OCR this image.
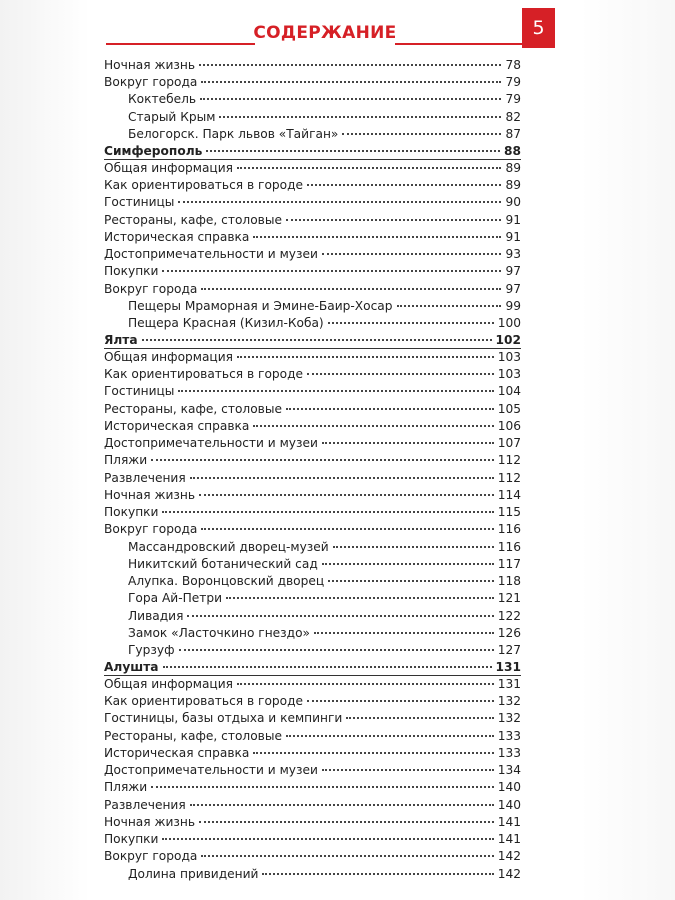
СОДЕРЖАНИЕ	5
Ночная жизнь	78
Вокруг города	79
Коктебель	79
Старый Крым	82
Белогорск. Парк львов «Тайган»	87
Симферополь	88
Общая информация	89
Как ориентироваться в городе	89
Гостиницы	90
Рестораны, кафе, столовые	91
Историческая справка	91
Достопримечательности и музеи	93
Покупки	97
Вокруг города	97
Пещеры Мраморная и Эмине-Баир-Хосар	99
Пещера Красная (Кизил-Коба)	100
Ялта	102
Общая информация	103
Как ориентироваться в городе	103
Гостиницы	104
Рестораны, кафе, столовые	105
Историческая справка	106
Достопримечательности и музеи	107
Пляжи	112
Развлечения	112
Ночная жизнь	114
Покупки	115
Вокруг города	116
Массандровский дворец-музей	116
Никитский ботанический сад	117
Алупка. Воронцовский дворец	118
Гора Ай-Петри	121
Ливадия	122
Замок «Ласточкино гнездо»	126
Гурзуф	127
Алушта	131
Общая информация	131
Как ориентироваться в городе	132
Гостиницы, базы отдыха и кемпинги	132
Рестораны, кафе, столовые	133
Историческая справка	133
Достопримечательности и музеи	134
Пляжи	140
Развлечения	140
Ночная жизнь	141
Покупки	141
Вокруг города	142
Долина привидений	142
